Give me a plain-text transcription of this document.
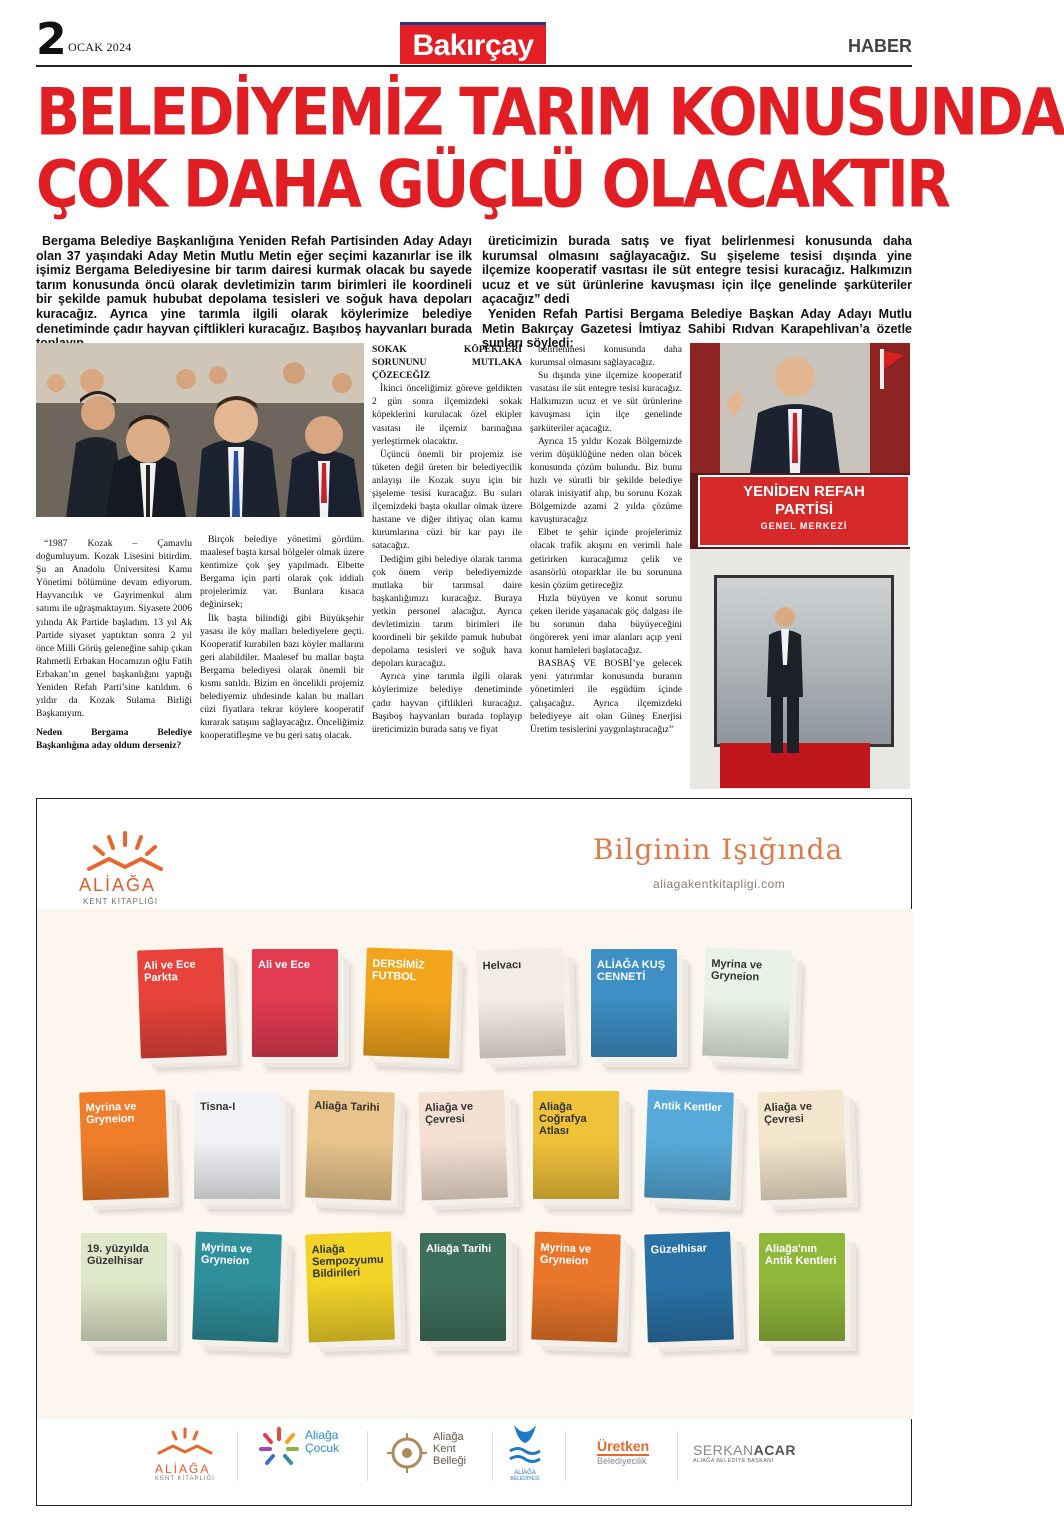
2 OCAK 2024	Bakırçay	HABER
BELEDİYEMİZ TARIM KONUSUNDA
ÇOK DAHA GÜÇLÜ OLACAKTIR

Bergama Belediye Başkanlığına Yeniden Refah Partisinden Aday Adayı olan 37 yaşındaki Aday Metin Mutlu Metin eğer seçimi kazanırlar ise ilk işimiz Bergama Belediyesine bir tarım dairesi kurmak olacak bu sayede tarım konusunda öncü olarak devletimizin tarım birimleri ile koordineli bir şekilde pamuk hububat depolama tesisleri ve soğuk hava depoları kuracağız. Ayrıca yine tarımla ilgili olarak köylerimize belediye denetiminde çadır hayvan çiftlikleri kuracağız. Başıboş hayvanları burada

üreticimizin burada satış ve fiyat belirlenmesi konusunda daha kurumsal olmasını sağlayacağız. Su şişeleme tesisi dışında yine ilçemize kooperatif vasıtası ile süt entegre tesisi kuracağız. Halkımızın ucuz et ve süt ürünlerine kavuşması için ilçe genelinde şarküteriler açacağız” dedi

Yeniden Refah Partisi Bergama Belediye Başkan Aday Adayı Mutlu Metin Bakırçay Gazetesi İmtiyaz Sahibi Rıdvan Karapehlivan’a özetle şunları söyledi:

“1987 Kozak – Çamavlu doğumluyum. Kozak Lisesini bitirdim. Şu an Anadolu Üniversitesi Kamu Yönetimi bölümüne devam ediyorum. Hayvancılık ve Gayrimenkul alım satımı ile uğraşmaktayım. Siyasete 2006 yılında Ak Partide başladım. 13 yıl Ak Partide siyaset yaptıktan sonra 2 yıl önce Milli Görüş geleneğine sahip çıkan Rahmetli Erbakan Hocamızın oğlu Fatih Erbakan’ın genel başkanlığını yaptığı Yeniden Refah Parti’sine katıldım. 6 yıldır da Kozak Sulama Birliği Başkanıyım.

Neden Bergama Belediye Başkanlığına aday oldum derseniz?

Birçok belediye yönetimi gördüm. maalesef başta kırsal bölgeler olmak üzere kentimize çok şey yapılmadı. Elbette Bergama için parti olarak çok iddialı projelerimiz var. Bunlara kısaca değinirsek;

İlk başta bilindiği gibi Büyükşehir yasası ile köy malları belediyelere geçti. Kooperatif kurabilen bazı köyler mallarını geri alabildiler. Maalesef bu mallar başta Bergama belediyesi olarak önemli bir kısmı satıldı. Bizim en öncelikli projemiz belediyemiz uhdesinde kalan bu malları cüzi fiyatlara tekrar köylere kooperatif kurarak satışını sağlayacağız. Önceliğimiz kooperatifleşme ve bu geri satış olacak.

SOKAK KÖPEKLERİ SORUNUNU MUTLAKA ÇÖZECEĞİZ

İkinci önceliğimiz göreve geldikten 2 gün sonra ilçemizdeki sokak köpeklerini kurulacak özel ekipler vasıtası ile ilçemiz barınağına yerleştirmek olacaktır.

Üçüncü önemli bir projemiz ise tüketen değil üreten bir belediyecilik anlayışı ile Kozak suyu için bir şişeleme tesisi kuracağız. Bu suları ilçemizdeki başta okullar olmak üzere hastane ve diğer ihtiyaç olan kamu kurumlarına cüzi bir kar payı ile satacağız.

Dediğim gibi belediye olarak tarıma çok önem verip belediyemizde mutlaka bir tarımsal daire başkanlığımızı kuracağız. Buraya yetkin personel alacağız. Ayrıca devletimizin tarım birimleri ile koordineli bir şekilde pamuk hububat depolama tesisleri ve soğuk hava depoları kuracağız.

Ayrıca yine tarımla ilgili olarak köylerimize belediye denetiminde çadır hayvan çiftlikleri kuracağız. Başıboş hayvanları burada toplayıp üreticimizin burada satış ve fiyat

belirlenmesi konusunda daha kurumsal olmasını sağlayacağız.

Su dışında yine ilçemize kooperatif vasıtası ile süt entegre tesisi kuracağız. Halkımızın ucuz et ve süt ürünlerine kavuşması için ilçe genelinde şarküteriler açacağız.

Ayrıca 15 yıldır Kozak Bölgemizde verim düşüklüğüne neden olan böcek konusunda çözüm bulundu. Biz bunu hızlı ve süratli bir şekilde belediye olarak inisiyatif alıp, bu sorunu Kozak Bölgemizde azami 2 yılda çözüme kavuşturacağız

Elbet te şehir içinde projelerimiz olacak trafik akışını en verimli hale getirirken kuracağımız çelik ve asansörlü otoparklar ile bu sorununa kesin çözüm getireceğiz

Hızla büyüyen ve konut sorunu çeken ileride yaşanacak göç dalgası ile bu sorunun daha büyüyeceğini öngörerek yeni imar alanları açıp yeni konut hamleleri başlatacağız.

BASBAŞ VE BOSBİ’ye gelecek yeni yatırımlar konusunda buranın yönetimleri ile eşgüdüm içinde çalışacağız. Ayrıca ilçemizdeki belediyeye ait olan Güneş Enerjisi Üretim tesislerini yaygınlaştıracağız”

YENİDEN REFAH
PARTİSİ
GENEL MERKEZİ
ALİAĞA
KENT KİTAPLIĞI
Bilginin Işığında
aliagakentkitapligi.com
Ali ve Ece Parkta
Ali ve Ece	DERSİMİZ FUTBOL
Helvacı	ALİAĞA KUŞ CENNETİ
Myrina ve Gryneion
Myrina ve Gryneion
Tisna-I	Aliağa Tarihi	Aliağa ve Çevresi
Aliağa Coğrafya Atlası
Antik Kentler	Aliağa ve Çevresi
19. yüzyılda Güzelhisar
Myrina ve Gryneion
Aliağa Sempozyumu Bildirileri
Aliağa Tarihi	Myrina ve Gryneion
Güzelhisar	Aliağa'nın Antik Kentleri
ALİAĞA
KENT KİTAPLIĞI
Aliağa
Çocuk
Aliağa
Kent
Belleği
ALİAĞA
BELEDİYESİ
Üretken
Belediyecilik
SERKANACAR
ALİAĞA BELEDİYE BAŞKANI
